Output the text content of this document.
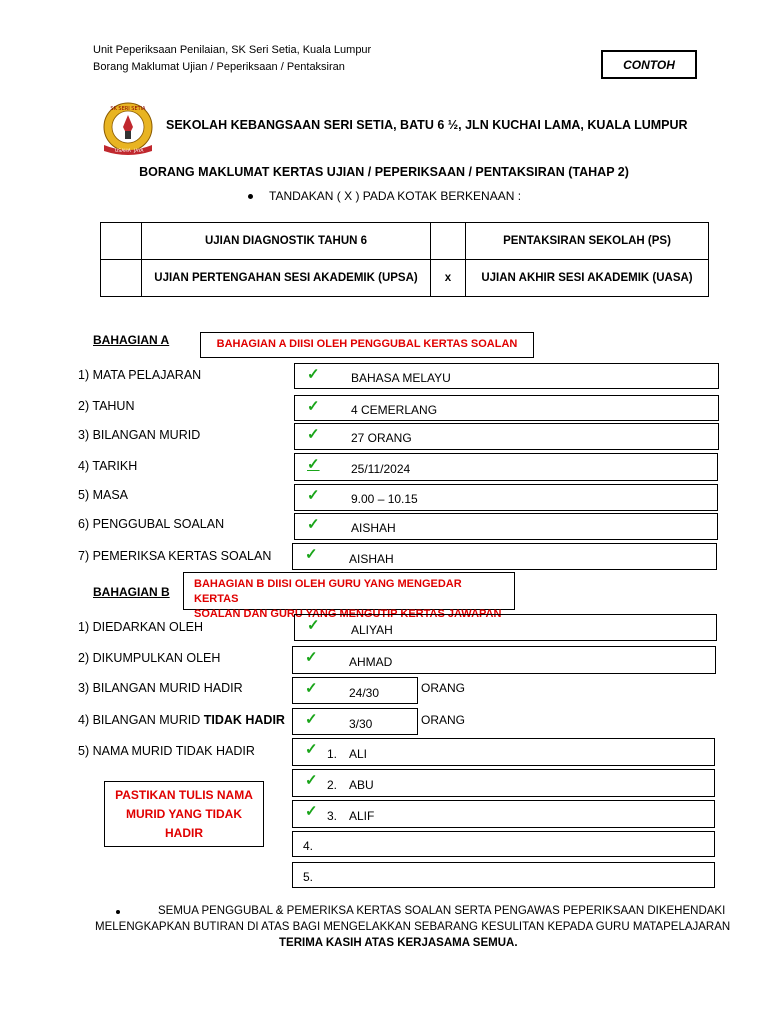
Unit Peperiksaan Penilaian, SK Seri Setia, Kuala Lumpur
Borang Maklumat Ujian / Peperiksaan / Pentaksiran	CONTOH
SK SERI SETIA
USAHA JAYA
SEKOLAH KEBANGSAAN SERI SETIA, BATU 6 ½, JLN KUCHAI LAMA, KUALA LUMPUR
BORANG MAKLUMAT KERTAS UJIAN / PEPERIKSAAN / PENTAKSIRAN (TAHAP 2)
TANDAKAN ( X ) PADA KOTAK BERKENAAN :
	UJIAN DIAGNOSTIK TAHUN 6		PENTAKSIRAN SEKOLAH (PS)
	UJIAN PERTENGAHAN SESI AKADEMIK (UPSA)	x	UJIAN AKHIR SESI AKADEMIK (UASA)
BAHAGIAN A	BAHAGIAN A DIISI OLEH PENGGUBAL KERTAS SOALAN
1) MATA PELAJARAN	✓	BAHASA MELAYU
2) TAHUN	✓	4 CEMERLANG
3) BILANGAN MURID	✓	27 ORANG
4) TARIKH	✓	25/11/2024
5) MASA	✓	9.00 – 10.15
6) PENGGUBAL SOALAN	✓	AISHAH
7) PEMERIKSA KERTAS SOALAN ✓	AISHAH
BAHAGIAN B
BAHAGIAN B DIISI OLEH GURU YANG MENGEDAR KERTAS
SOALAN DAN GURU YANG MENGUTIP KERTAS JAWAPAN
1) DIEDARKAN OLEH	✓	ALIYAH
2) DIKUMPULKAN OLEH	✓	AHMAD
3) BILANGAN MURID HADIR	✓	24/30	ORANG
4) BILANGAN MURID TIDAK HADIR ✓	3/30	ORANG
5) NAMA MURID TIDAK HADIR	✓ 1. ALI
✓ 2. ABU
✓ 3. ALIF
4.
5.
PASTIKAN TULIS NAMA
MURID YANG TIDAK
HADIR
SEMUA PENGGUBAL & PEMERIKSA KERTAS SOALAN SERTA PENGAWAS PEPERIKSAAN DIKEHENDAKI
MELENGKAPKAN BUTIRAN DI ATAS BAGI MENGELAKKAN SEBARANG KESULITAN KEPADA GURU MATAPELAJARAN
TERIMA KASIH ATAS KERJASAMA SEMUA.
